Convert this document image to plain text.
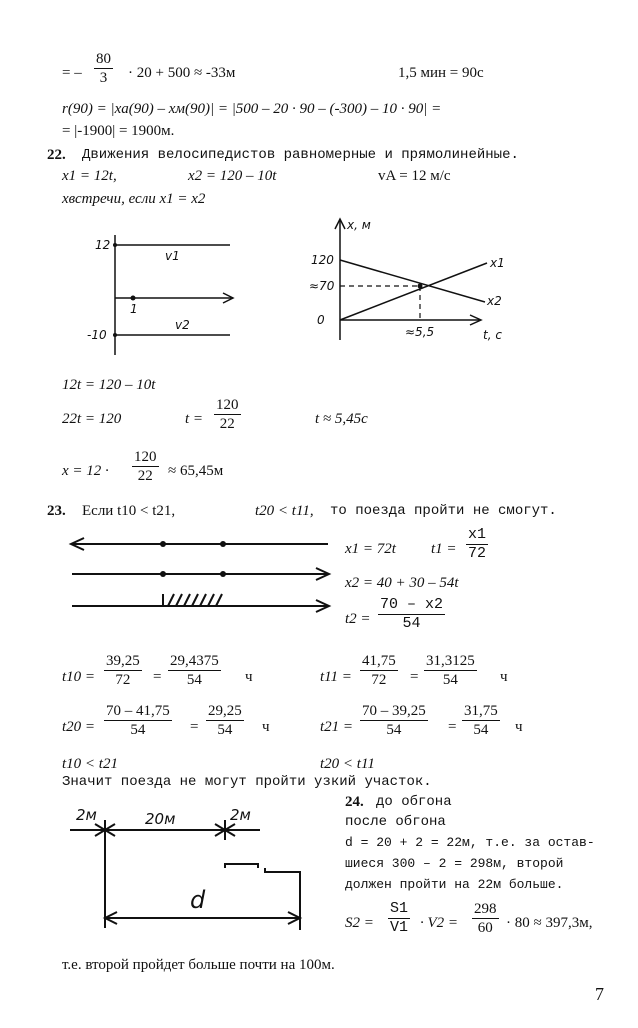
= – $\frac{80}{3} \cdot 20 + 500 \approx -33м$	1,5 мин = 90с
r(90) = |xа(90) – xм(90)| = |500 – 20 · 90 – (-300) – 10 · 90| =
= |-1900| = 1900м.
22. Движения велосипедистов равномерные и прямолинейные.
x1 = 12t,	x2 = 120 – 10t	vA = 12 м/с
xвстречи, если x1 = x2
12
-10
v1
v2
1
x, м
t, c
120
≈70
0
≈5,5
x1
x2
12t = 120 – 10t
22t = 120	$t = \frac{120}{22}$	t ≈ 5,45с
$x = 12 \cdot \frac{120}{22} \approx 65,45м$
23. Если t10 < t21,	t20 < t11, то поезда пройти не смогут.
x1 = 72t $t1 = \frac{x1}{72}$
x2 = 40 + 30 – 54t
$t2 = \frac{70 - x2}{54}$
$t10 = \frac{39,25}{72} = \frac{29,4375}{54}$ ч	$t11 = \frac{41,75}{72} = \frac{31,3125}{54}$ ч
$t20 = \frac{70 - 41,75}{54} = \frac{29,25}{54}$ ч	$t21 = \frac{70 - 39,25}{54} = \frac{31,75}{54}$ ч
t10 < t21	t20 < t11
Значит поезда не могут пройти узкий участок.
2м	20м	2м
d
24. до обгона
после обгона
d = 20 + 2 = 22м, т.е. за остав-
шиеся 300 – 2 = 298м, второй
должен пройти на 22м больше.
$S2 = \frac{S1}{V1} \cdot V2 = \frac{298}{60} \cdot 80 \approx 397,3м$,
т.е. второй пройдет больше почти на 100м.
7
